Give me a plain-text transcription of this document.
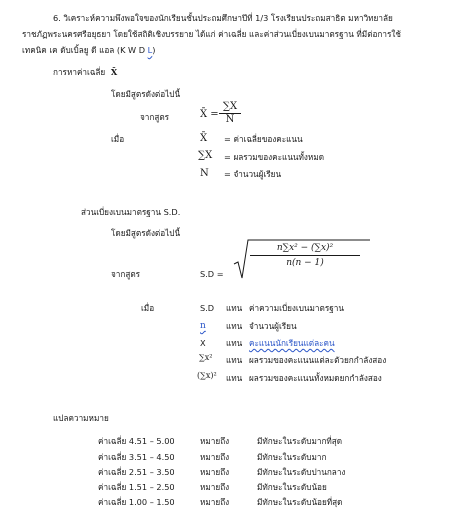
6. วิเคราะห์ความพึงพอใจของนักเรียนชั้นประถมศึกษาปีที่ 1/3 โรงเรียนประถมสาธิต มหาวิทยาลัย
ราชภัฏพระนครศรีอยุธยา โดยใช้สถิติเชิงบรรยาย ได้แก่ ค่าเฉลี่ย และค่าส่วนเบี่ยงเบนมาตรฐาน ที่มีต่อการใช้
เทคนิค เค ดับเบิ้ลยู ดี แอล (K W D L)
การหาค่าเฉลี่ย X̄
โดยมีสูตรดังต่อไปนี้
จากสูตร	X̄ = $\frac{\sum X}{N}$
เมื่อ	X̄ = ค่าเฉลี่ยของคะแนน
∑X = ผลรวมของคะแนนทั้งหมด
N = จำนวนผู้เรียน
ส่วนเบี่ยงเบนมาตรฐาน S.D.
โดยมีสูตรดังต่อไปนี้
จากสูตร	S.D =
$\frac{\text{n∑x² − (∑x)²}}{n(n - 1)}$
เมื่อ	S.D แทน ค่าความเบี่ยงเบนมาตรฐาน
n แทน จำนวนผู้เรียน
X แทน คะแนนนักเรียนแต่ละคน
∑x² แทน ผลรวมของคะแนนแต่ละตัวยกกำลังสอง
(∑x)² แทน ผลรวมของคะแนนทั้งหมดยกกำลังสอง
แปลความหมาย
ค่าเฉลี่ย 4.51 – 5.00	หมายถึง	มีทักษะในระดับมากที่สุด
ค่าเฉลี่ย 3.51 – 4.50	หมายถึง	มีทักษะในระดับมาก
ค่าเฉลี่ย 2.51 – 3.50	หมายถึง	มีทักษะในระดับปานกลาง
ค่าเฉลี่ย 1.51 – 2.50	หมายถึง	มีทักษะในระดับน้อย
ค่าเฉลี่ย 1.00 – 1.50	หมายถึง	มีทักษะในระดับน้อยที่สุด
